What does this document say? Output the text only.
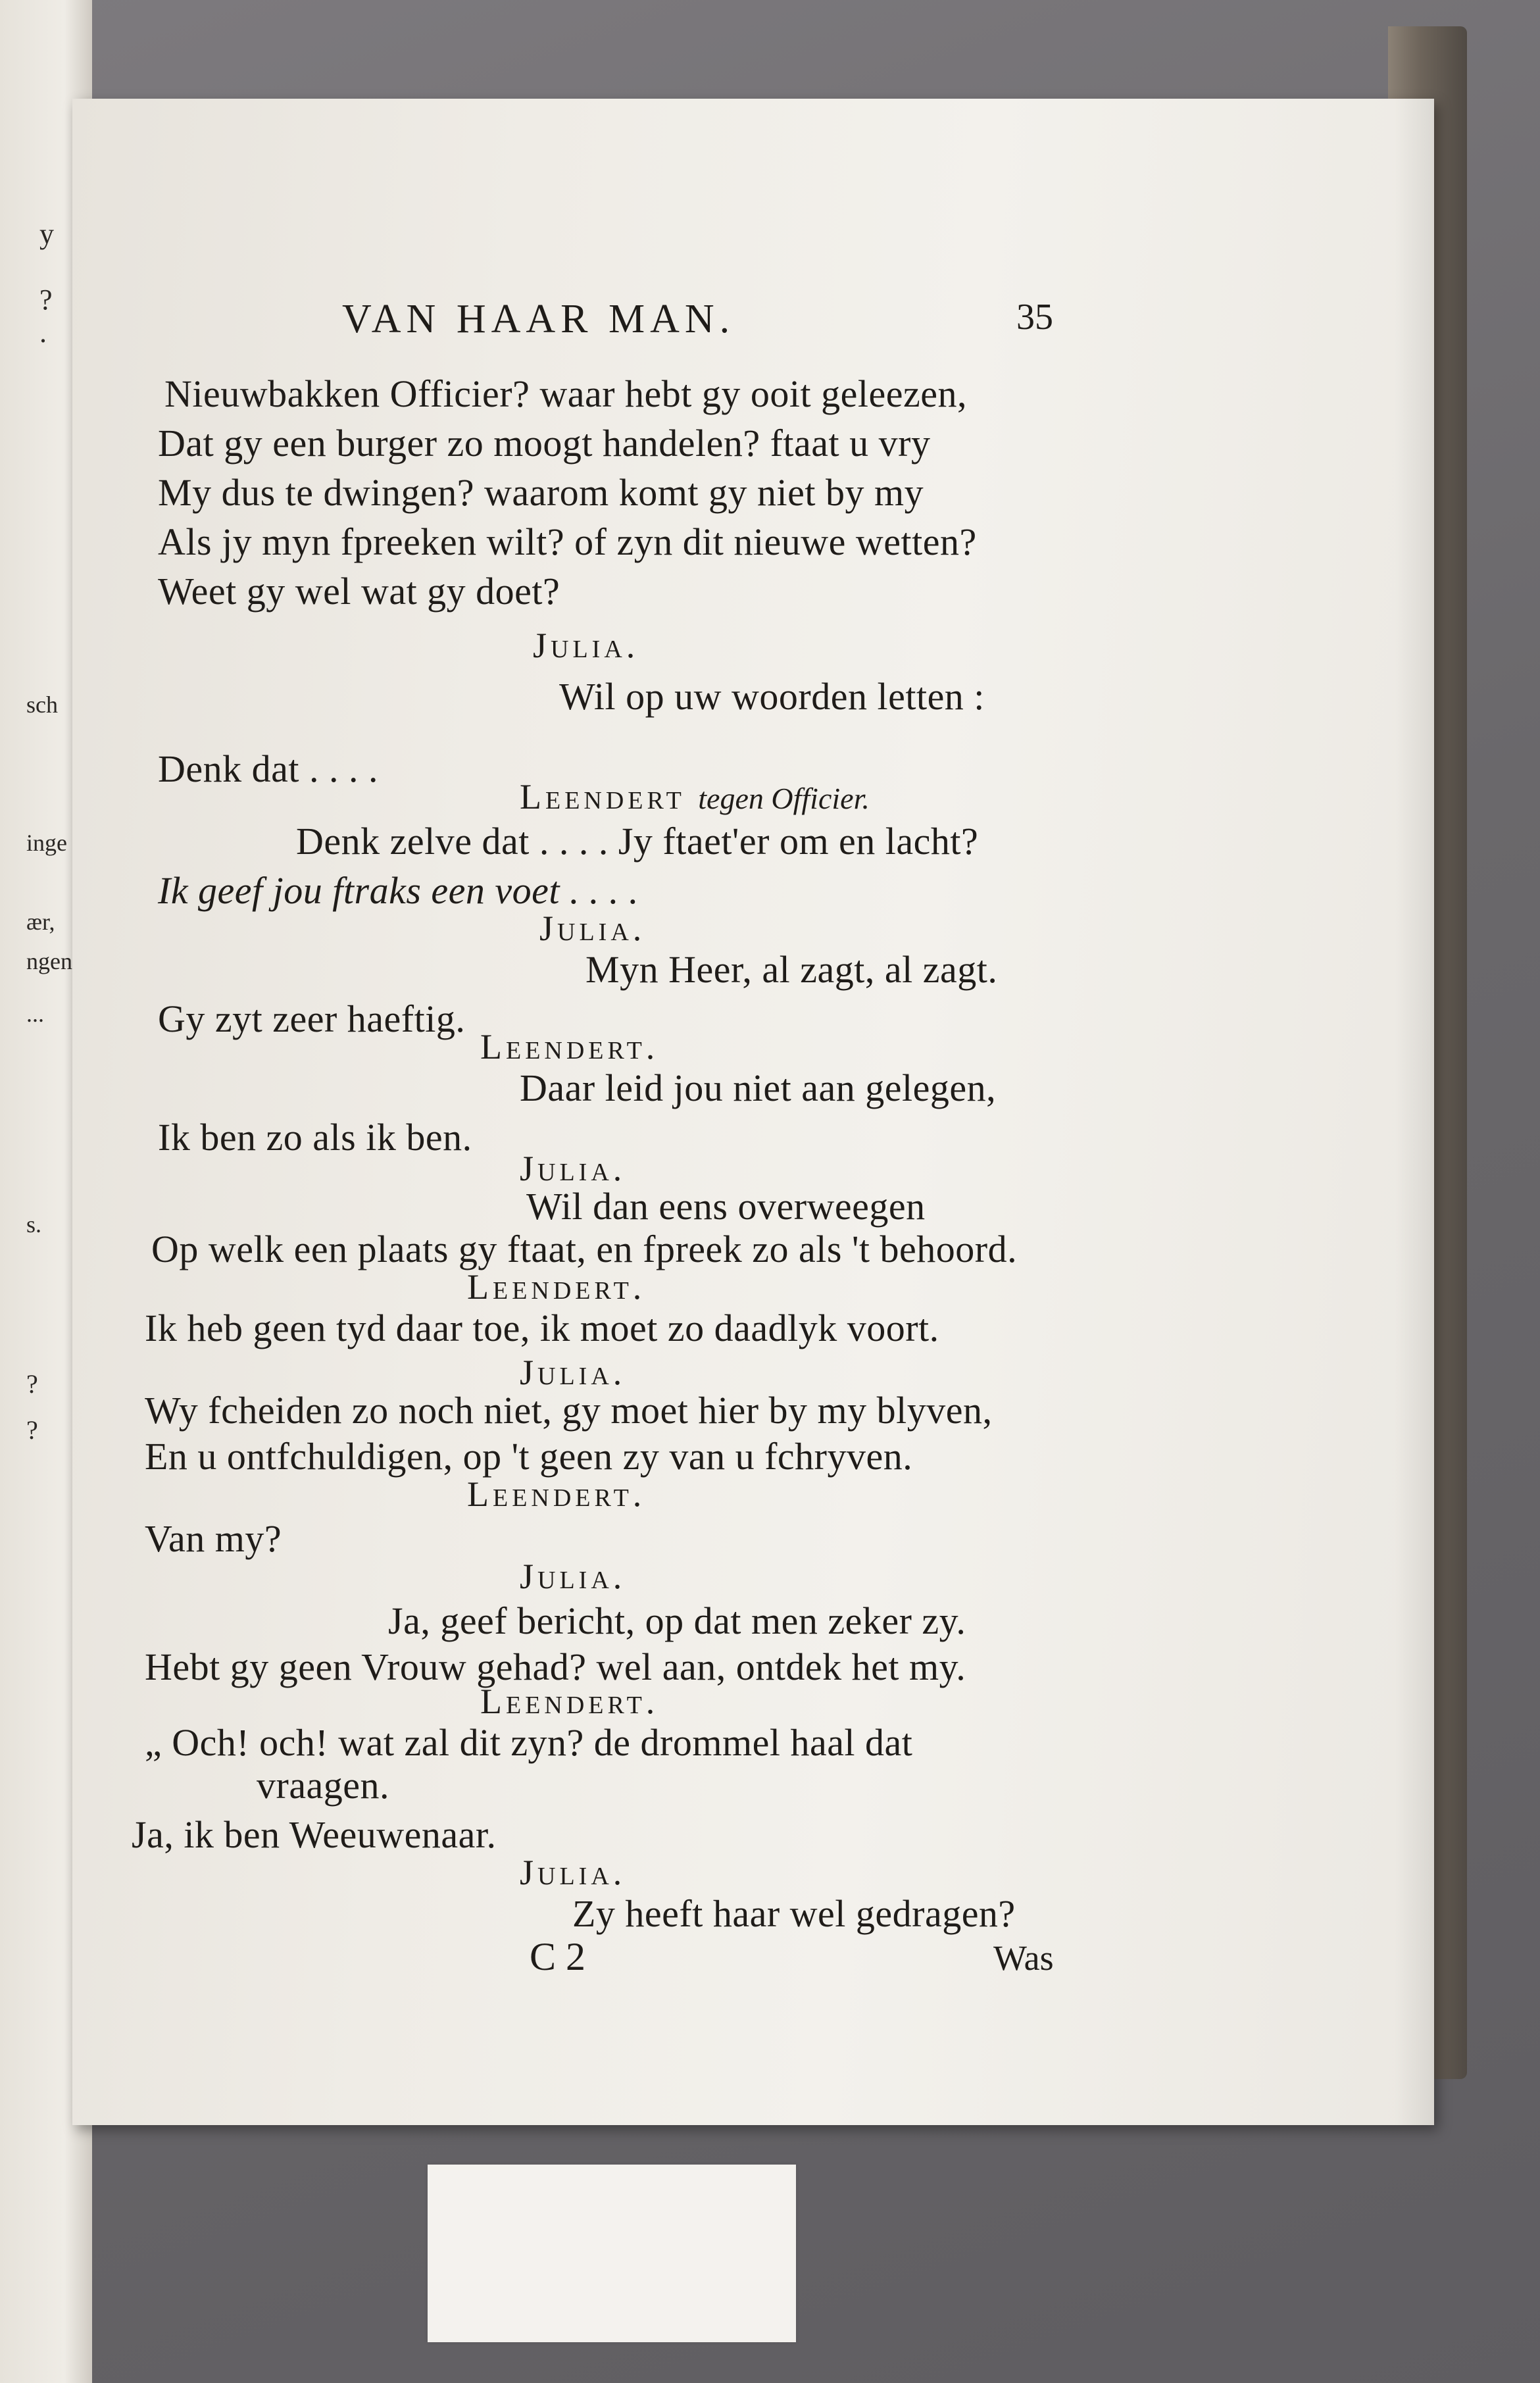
y
?
.
sch
inge
ær,
ngen
...
s.
?
?
VAN HAAR MAN.	35
Nieuwbakken Officier? waar hebt gy ooit geleezen,
Dat gy een burger zo moogt handelen? ftaat u vry
My dus te dwingen? waarom komt gy niet by my
Als jy myn fpreeken wilt? of zyn dit nieuwe wetten?
Weet gy wel wat gy doet?
Julia.
Wil op uw woorden letten :
Denk dat . . . .
Leendert tegen Officier.
Denk zelve dat . . . . Jy ftaet'er om en lacht?
Ik geef jou ftraks een voet . . . .
Julia.
Myn Heer, al zagt, al zagt.
Gy zyt zeer haeftig.
Leendert.
Daar leid jou niet aan gelegen,
Ik ben zo als ik ben.
Julia.
Wil dan eens overweegen
Op welk een plaats gy ftaat, en fpreek zo als 't behoord.
Leendert.
Ik heb geen tyd daar toe, ik moet zo daadlyk voort.
Julia.
Wy fcheiden zo noch niet, gy moet hier by my blyven,
En u ontfchuldigen, op 't geen zy van u fchryven.
Leendert.
Van my?
Julia.
Ja, geef bericht, op dat men zeker zy.
Hebt gy geen Vrouw gehad? wel aan, ontdek het my.
Leendert.
„ Och! och! wat zal dit zyn? de drommel haal dat
vraagen.
Ja, ik ben Weeuwenaar.
Julia.
Zy heeft haar wel gedragen?
C 2	Was
